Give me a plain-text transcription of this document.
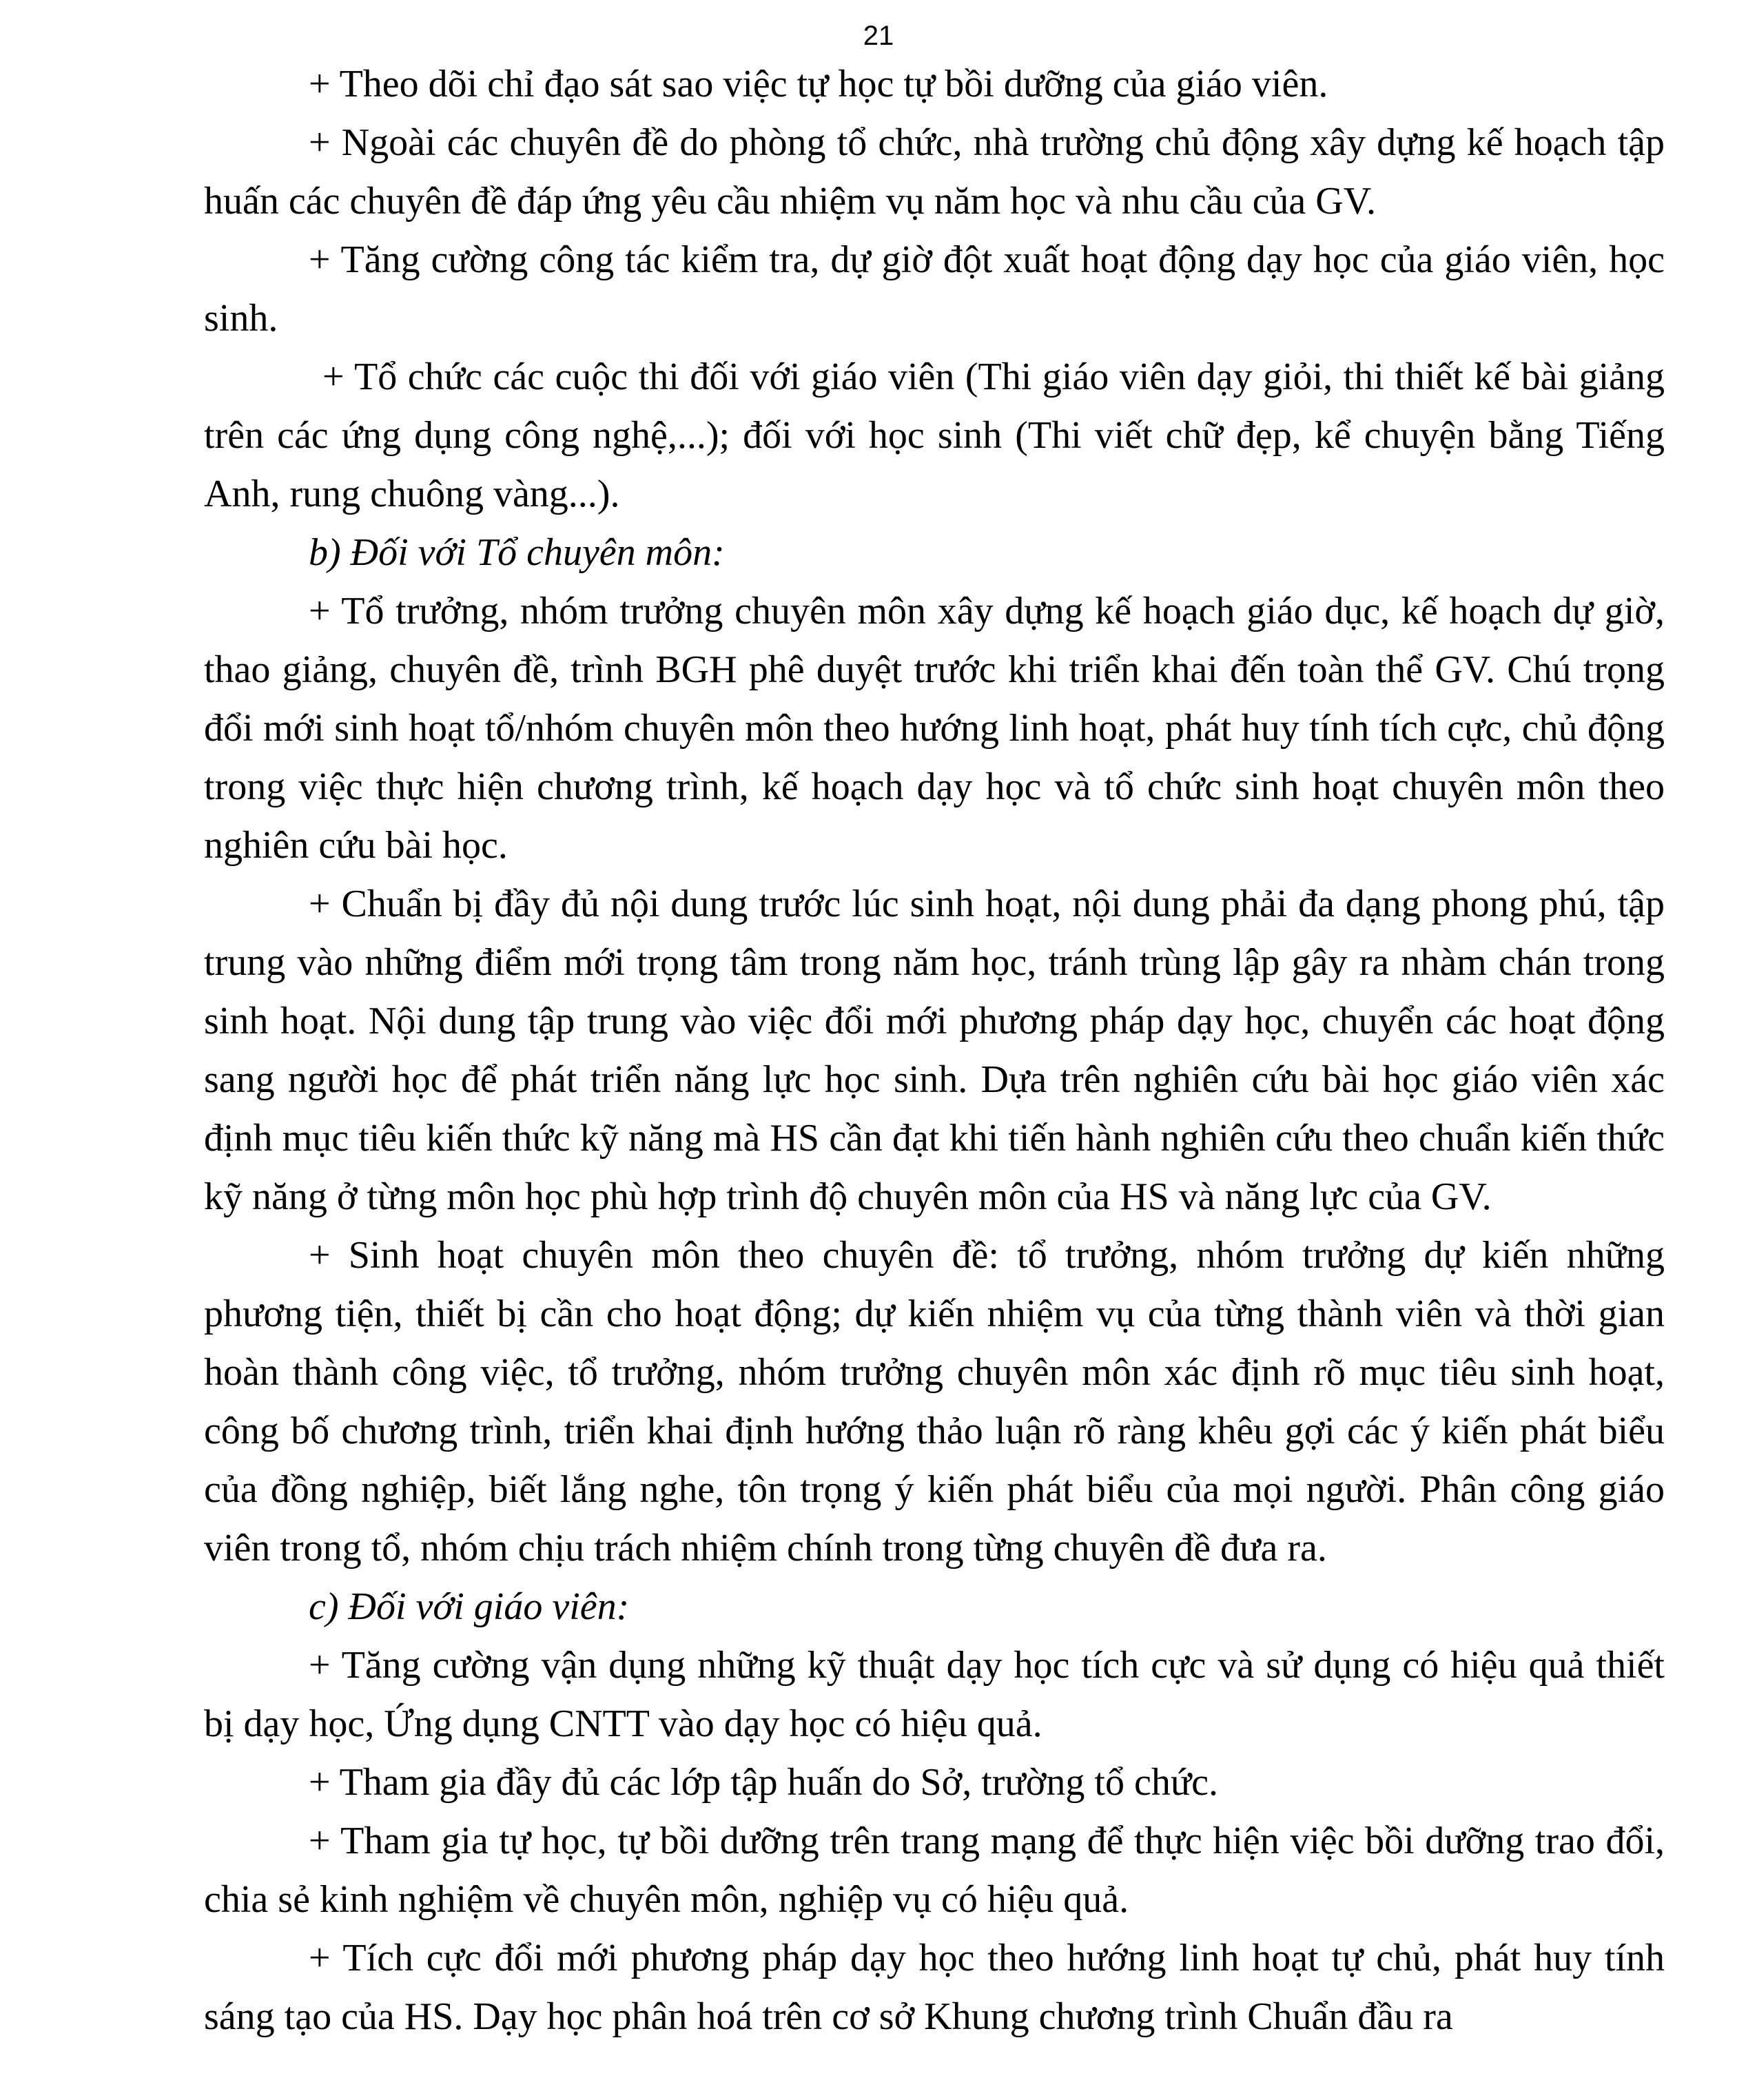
21

+ Theo dõi chỉ đạo sát sao việc tự học tự bồi dưỡng của giáo viên.

+ Ngoài các chuyên đề do phòng tổ chức, nhà trường chủ động xây dựng kế hoạch tập huấn các chuyên đề đáp ứng yêu cầu nhiệm vụ năm học và nhu cầu của GV.

+ Tăng cường công tác kiểm tra, dự giờ đột xuất hoạt động dạy học của giáo viên, học sinh.

+ Tổ chức các cuộc thi đối với giáo viên (Thi giáo viên dạy giỏi, thi thiết kế bài giảng trên các ứng dụng công nghệ,...); đối với học sinh (Thi viết chữ đẹp, kể chuyện bằng Tiếng Anh, rung chuông vàng...).

b) Đối với Tổ chuyên môn:

+ Tổ trưởng, nhóm trưởng chuyên môn xây dựng kế hoạch giáo dục, kế hoạch dự giờ, thao giảng, chuyên đề, trình BGH phê duyệt trước khi triển khai đến toàn thể GV. Chú trọng đổi mới sinh hoạt tổ/nhóm chuyên môn theo hướng linh hoạt, phát huy tính tích cực, chủ động trong việc thực hiện chương trình, kế hoạch dạy học và tổ chức sinh hoạt chuyên môn theo nghiên cứu bài học.

+ Chuẩn bị đầy đủ nội dung trước lúc sinh hoạt, nội dung phải đa dạng phong phú, tập trung vào những điểm mới trọng tâm trong năm học, tránh trùng lập gây ra nhàm chán trong sinh hoạt. Nội dung tập trung vào việc đổi mới phương pháp dạy học, chuyển các hoạt động sang người học để phát triển năng lực học sinh. Dựa trên nghiên cứu bài học giáo viên xác định mục tiêu kiến thức kỹ năng mà HS cần đạt khi tiến hành nghiên cứu theo chuẩn kiến thức kỹ năng ở từng môn học phù hợp trình độ chuyên môn của HS và năng lực của GV.

+ Sinh hoạt chuyên môn theo chuyên đề: tổ trưởng, nhóm trưởng dự kiến những phương tiện, thiết bị cần cho hoạt động; dự kiến nhiệm vụ của từng thành viên và thời gian hoàn thành công việc, tổ trưởng, nhóm trưởng chuyên môn xác định rõ mục tiêu sinh hoạt, công bố chương trình, triển khai định hướng thảo luận rõ ràng khêu gợi các ý kiến phát biểu của đồng nghiệp, biết lắng nghe, tôn trọng ý kiến phát biểu của mọi người. Phân công giáo viên trong tổ, nhóm chịu trách nhiệm chính trong từng chuyên đề đưa ra.

c) Đối với giáo viên:

+ Tăng cường vận dụng những kỹ thuật dạy học tích cực và sử dụng có hiệu quả thiết bị dạy học, Ứng dụng CNTT vào dạy học có hiệu quả.

+ Tham gia đầy đủ các lớp tập huấn do Sở, trường tổ chức.

+ Tham gia tự học, tự bồi dưỡng trên trang mạng để thực hiện việc bồi dưỡng trao đổi, chia sẻ kinh nghiệm về chuyên môn, nghiệp vụ có hiệu quả.

+ Tích cực đổi mới phương pháp dạy học theo hướng linh hoạt tự chủ, phát huy tính sáng tạo của HS. Dạy học phân hoá trên cơ sở Khung chương trình Chuẩn đầu ra
